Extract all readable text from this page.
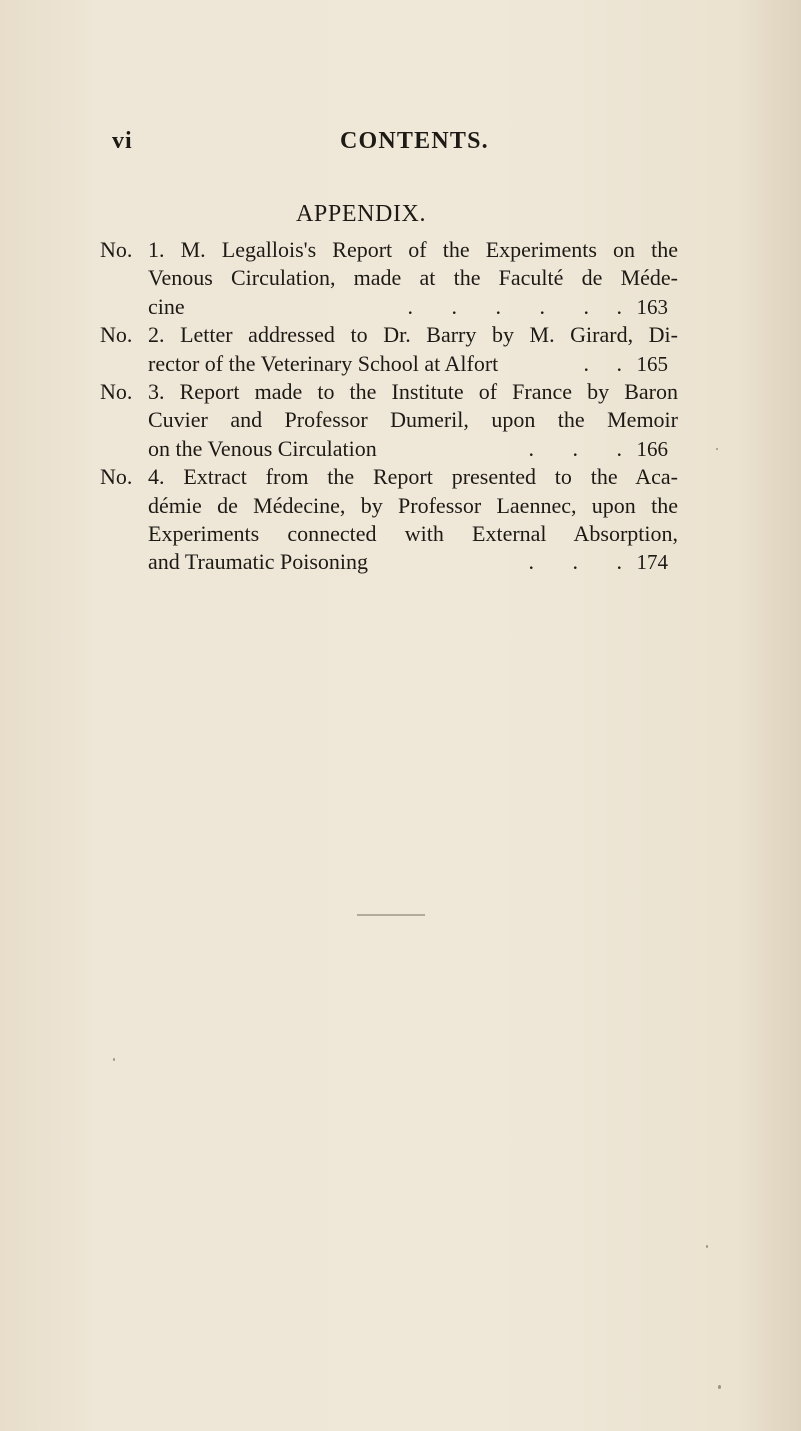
vi	CONTENTS.
APPENDIX.
No. 1. M. Legallois's Report of the Experiments on the
Venous Circulation, made at the Faculté de Méde-
cine	.       .       .       .       .     . 163
No. 2. Letter addressed to Dr. Barry by M. Girard, Di-
rector of the Veterinary School at Alfort	.     . 165
No. 3. Report made to the Institute of France by Baron
Cuvier and Professor Dumeril, upon the Memoir
on the Venous Circulation	.       .       . 166
No. 4. Extract from the Report presented to the Aca-
démie de Médecine, by Professor Laennec, upon the
Experiments connected with External Absorption,
and Traumatic Poisoning	.       .       . 174
